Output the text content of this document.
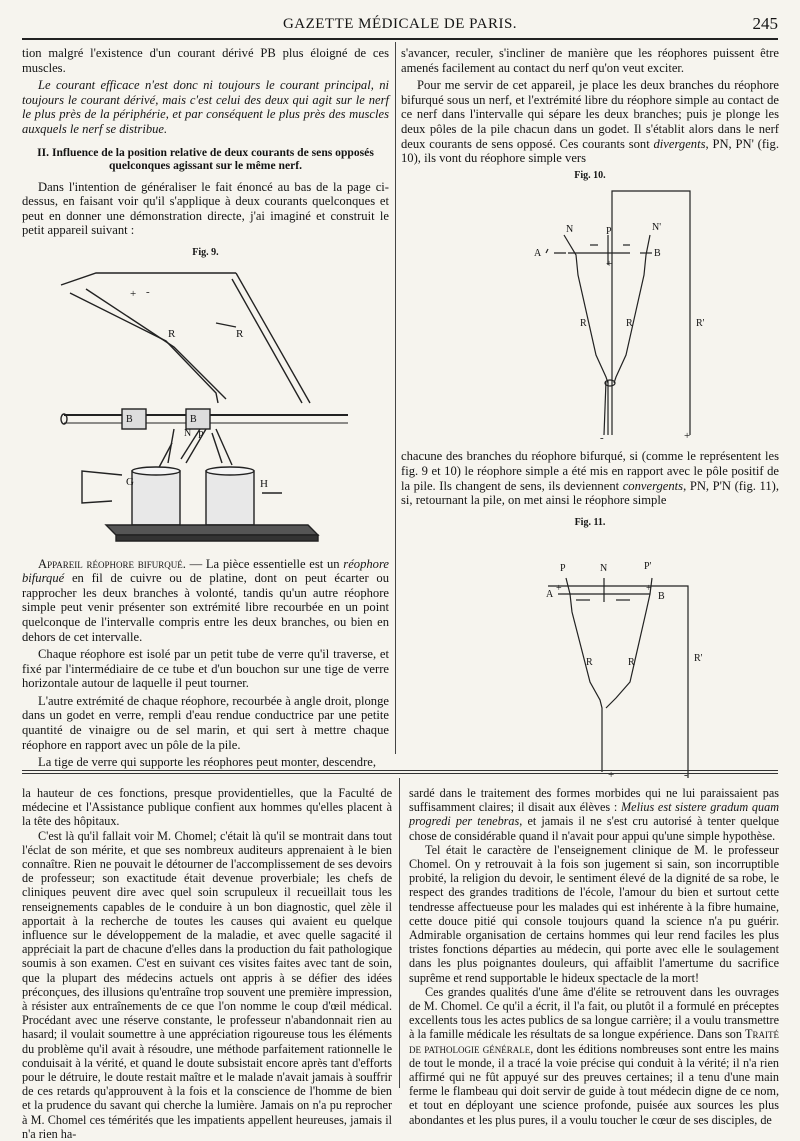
GAZETTE MÉDICALE DE PARIS.	245

tion malgré l'existence d'un courant dérivé PB plus éloigné de ces muscles.

Le courant efficace n'est donc ni toujours le courant principal, ni toujours le courant dérivé, mais c'est celui des deux qui agit sur le nerf le plus près de la périphérie, et par conséquent le plus près des muscles auxquels le nerf se distribue.

II. Influence de la position relative de deux courants de sens opposés quelconques agissant sur le même nerf.

Dans l'intention de généraliser le fait énoncé au bas de la page ci-dessus, en faisant voir qu'il s'applique à deux courants quelconques et peut en donner une démonstration directe, j'ai imaginé et construit le petit appareil suivant :

Fig. 9.
+ -
R	R
B	B
N P
G	H

Appareil réophore bifurqué. — La pièce essentielle est un réophore bifurqué en fil de cuivre ou de platine, dont on peut écarter ou rapprocher les deux branches à volonté, tandis qu'un autre réophore simple peut venir présenter son extrémité libre recourbée en un point quelconque de l'intervalle compris entre les deux branches, ou bien en dehors de cet intervalle.

Chaque réophore est isolé par un petit tube de verre qu'il traverse, et fixé par l'intermédiaire de ce tube et d'un bouchon sur une tige de verre horizontale autour de laquelle il peut tourner.

L'autre extrémité de chaque réophore, recourbée à angle droit, plonge dans un godet en verre, rempli d'eau rendue conductrice par une petite quantité de vinaigre ou de sel marin, et qui sert à mettre chaque réophore en rapport avec un pôle de la pile.

La tige de verre qui supporte les réophores peut monter, descendre,

s'avancer, reculer, s'incliner de manière que les réophores puissent être amenés facilement au contact du nerf qu'on veut exciter.

Pour me servir de cet appareil, je place les deux branches du réophore bifurqué sous un nerf, et l'extrémité libre du réophore simple au contact de ce nerf dans l'intervalle qui sépare les deux branches; puis je plonge les deux pôles de la pile chacun dans un godet. Il s'établit alors dans le nerf deux courants de sens opposé. Ces courants sont divergents, PN, PN' (fig. 10), ils vont du réophore simple vers

Fig. 10.
N	N'
P
A	B
+
R	R	R'
-	+

chacune des branches du réophore bifurqué, si (comme le représentent les fig. 9 et 10) le réophore simple a été mis en rapport avec le pôle positif de la pile. Ils changent de sens, ils deviennent convergents, PN, P'N (fig. 11), si, retournant la pile, on met ainsi le réophore simple

Fig. 11.
P	N	P'
A
+	+
B
R	R	R'
+	-

la hauteur de ces fonctions, presque providentielles, que la Faculté de médecine et l'Assistance publique confient aux hommes qu'elles placent à la tête des hôpitaux.

C'est là qu'il fallait voir M. Chomel; c'était là qu'il se montrait dans tout l'éclat de son mérite, et que ses nombreux auditeurs apprenaient à le bien connaître. Rien ne pouvait le détourner de l'accomplissement de ses devoirs de professeur; son exactitude était devenue proverbiale; les chefs de cliniques peuvent dire avec quel soin scrupuleux il recueillait tous les renseignements capables de le conduire à un bon diagnostic, quel zèle il apportait à la recherche de toutes les causes qui avaient eu quelque influence sur le développement de la maladie, et avec quelle sagacité il appréciait la part de chacune d'elles dans la production du fait pathologique soumis à son examen. C'est en suivant ces visites faites avec tant de soin, que la plupart des médecins actuels ont appris à se défier des idées préconçues, des illusions qu'entraîne trop souvent une première impression, à résister aux entraînements de ce que l'on nomme le coup d'œil médical. Procédant avec une réserve constante, le professeur n'abandonnait rien au hasard; il voulait soumettre à une appréciation rigoureuse tous les éléments du problème qu'il avait à résoudre, une méthode parfaitement rationnelle le conduisait à la vérité, et quand le doute subsistait encore après tant d'efforts pour le détruire, le doute restait maître et le malade n'avait jamais à souffrir de ces retards qu'approuvent à la fois et la conscience de l'homme de bien et la prudence du savant qui cherche la lumière. Jamais on n'a pu reprocher à M. Chomel ces témérités que les impatients appellent heureuses, jamais il n'a rien ha-

sardé dans le traitement des formes morbides qui ne lui paraissaient pas suffisamment claires; il disait aux élèves : Melius est sistere gradum quam progredi per tenebras, et jamais il ne s'est cru autorisé à tenter quelque chose de considérable quand il n'avait pour appui qu'une simple hypothèse.

Tel était le caractère de l'enseignement clinique de M. le professeur Chomel. On y retrouvait à la fois son jugement si sain, son incorruptible probité, la religion du devoir, le sentiment élevé de la dignité de sa robe, le respect des grandes traditions de l'école, l'amour du bien et surtout cette tendresse affectueuse pour les malades qui est inhérente à la fibre humaine, cette douce pitié qui console toujours quand la science n'a pu guérir. Admirable organisation de certains hommes qui leur rend faciles les plus tristes fonctions départies au médecin, qui porte avec elle le soulagement dans les plus poignantes douleurs, qui affaiblit l'amertume du sacrifice suprême et rend supportable le hideux spectacle de la mort!

Ces grandes qualités d'une âme d'élite se retrouvent dans les ouvrages de M. Chomel. Ce qu'il a écrit, il l'a fait, ou plutôt il a formulé en préceptes excellents tous les actes publics de sa longue carrière; il a voulu transmettre à la famille médicale les résultats de sa longue expérience. Dans son Traité de pathologie générale, dont les éditions nombreuses sont entre les mains de tout le monde, il a tracé la voie précise qui conduit à la vérité; il n'a rien affirmé qui ne fût appuyé sur des preuves certaines; il a tenu d'une main ferme le flambeau qui doit servir de guide à tout médecin digne de ce nom, et tout en déployant une science profonde, puisée aux sources les plus abondantes et les plus pures, il a voulu toucher le cœur de ses disciples, de
